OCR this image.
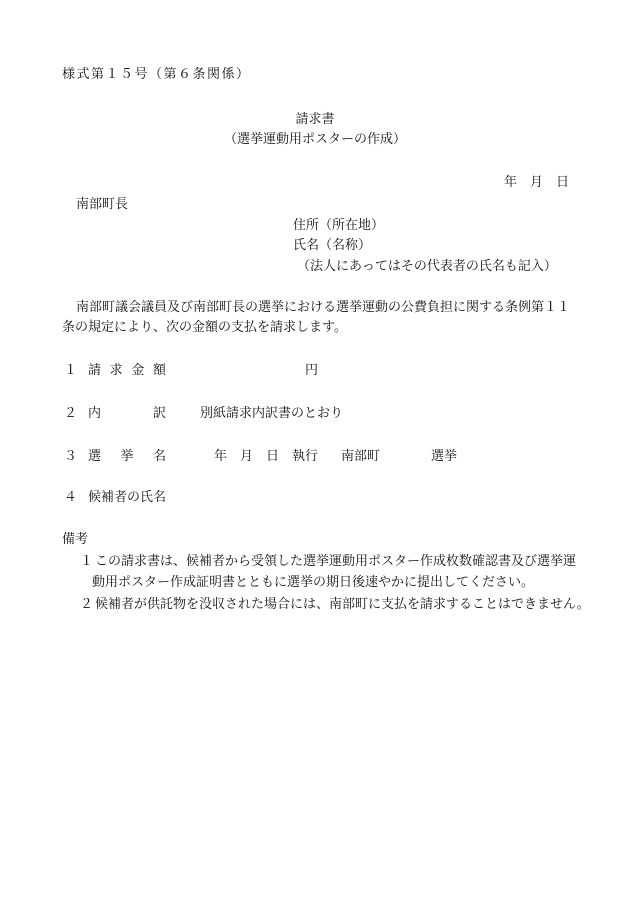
様式第１５号（第６条関係）
請求書
（選挙運動用ポスターの作成）
年　月　日
南部町長
住所（所在地）
氏名（名称）
（法人にあってはその代表者の氏名も記入）
南部町議会議員及び南部町長の選挙における選挙運動の公費負担に関する条例第１１
条の規定により、次の金額の支払を請求します。
１ 請求金額	円
２ 内訳	別紙請求内訳書のとおり
３ 選挙名	年　月　日　執行 南部町	選挙
４ 候補者の氏名
備考
１ この請求書は、候補者から受領した選挙運動用ポスター作成枚数確認書及び選挙運
動用ポスター作成証明書とともに選挙の期日後速やかに提出してください。
２ 候補者が供託物を没収された場合には、南部町に支払を請求することはできません。
